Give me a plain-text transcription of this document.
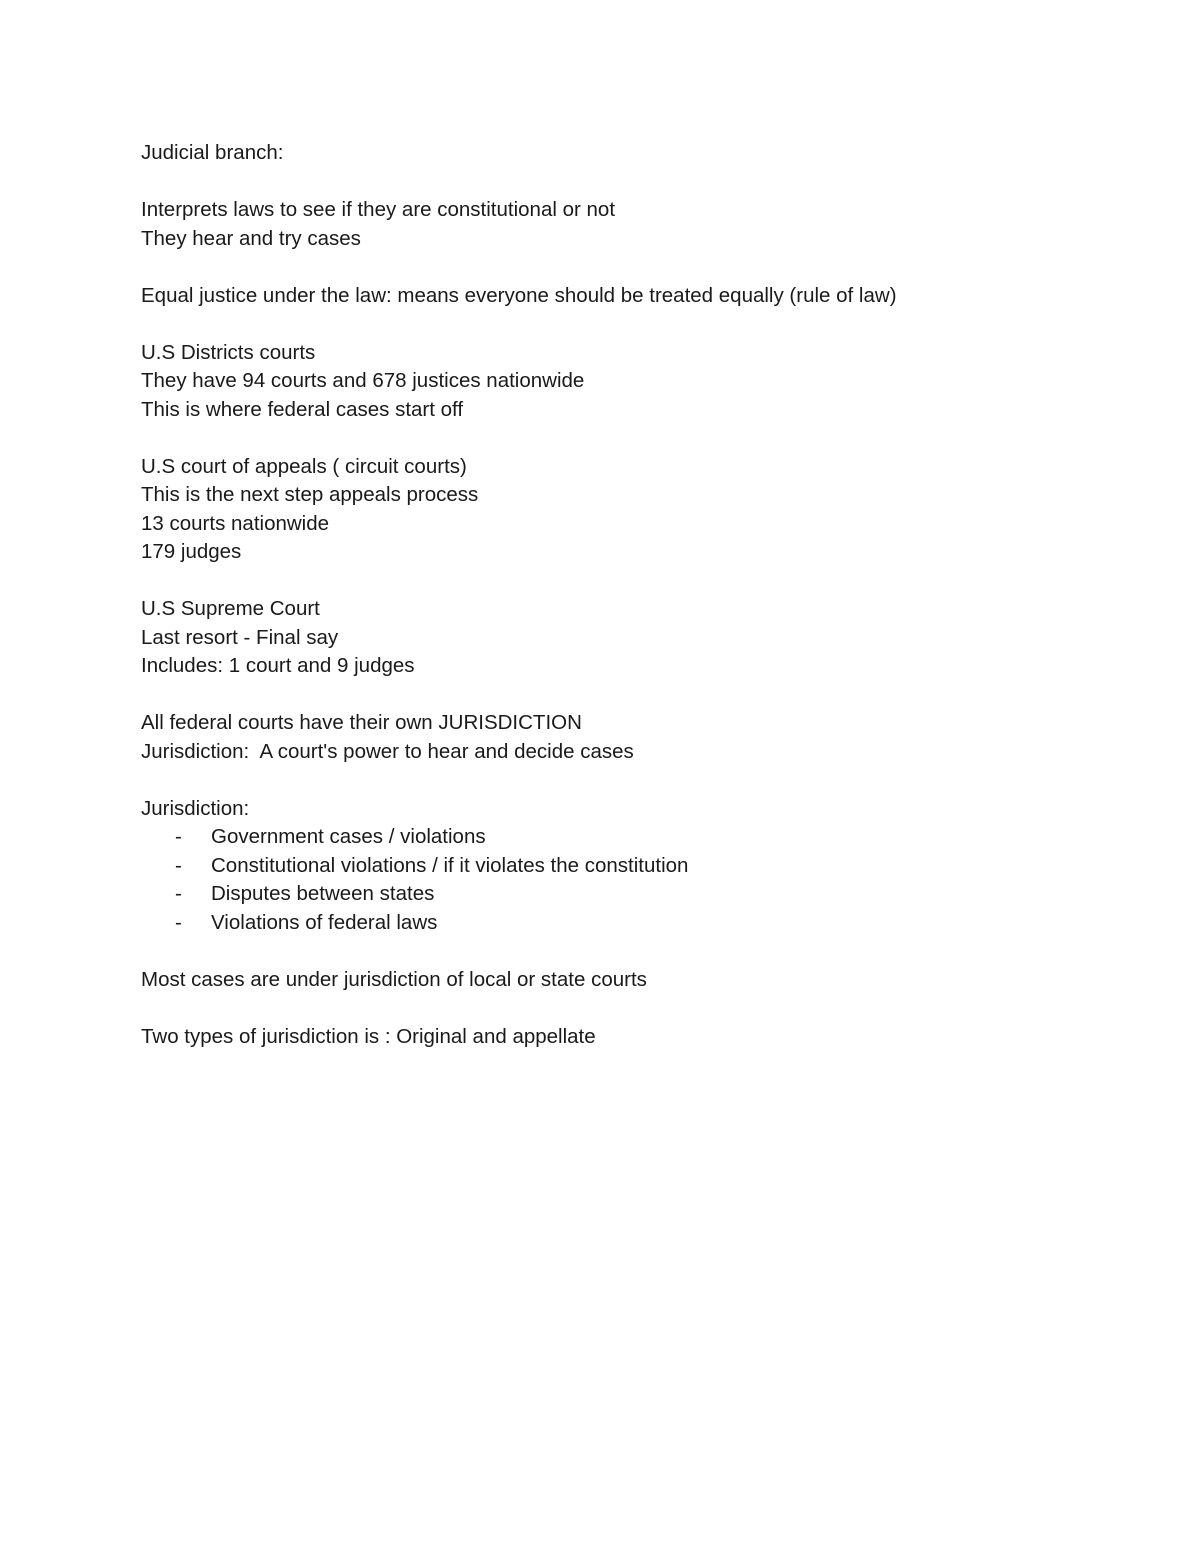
Judicial branch:
Interprets laws to see if they are constitutional or not
They hear and try cases
Equal justice under the law: means everyone should be treated equally (rule of law)
U.S Districts courts
They have 94 courts and 678 justices nationwide
This is where federal cases start off
U.S court of appeals ( circuit courts)
This is the next step appeals process
13 courts nationwide
179 judges
U.S Supreme Court
Last resort - Final say
Includes: 1 court and 9 judges
All federal courts have their own JURISDICTION
Jurisdiction:  A court's power to hear and decide cases
Jurisdiction:

-

Government cases / violations

-

Constitutional violations / if it violates the constitution

-

Disputes between states

-

Violations of federal laws

Most cases are under jurisdiction of local or state courts
Two types of jurisdiction is : Original and appellate
